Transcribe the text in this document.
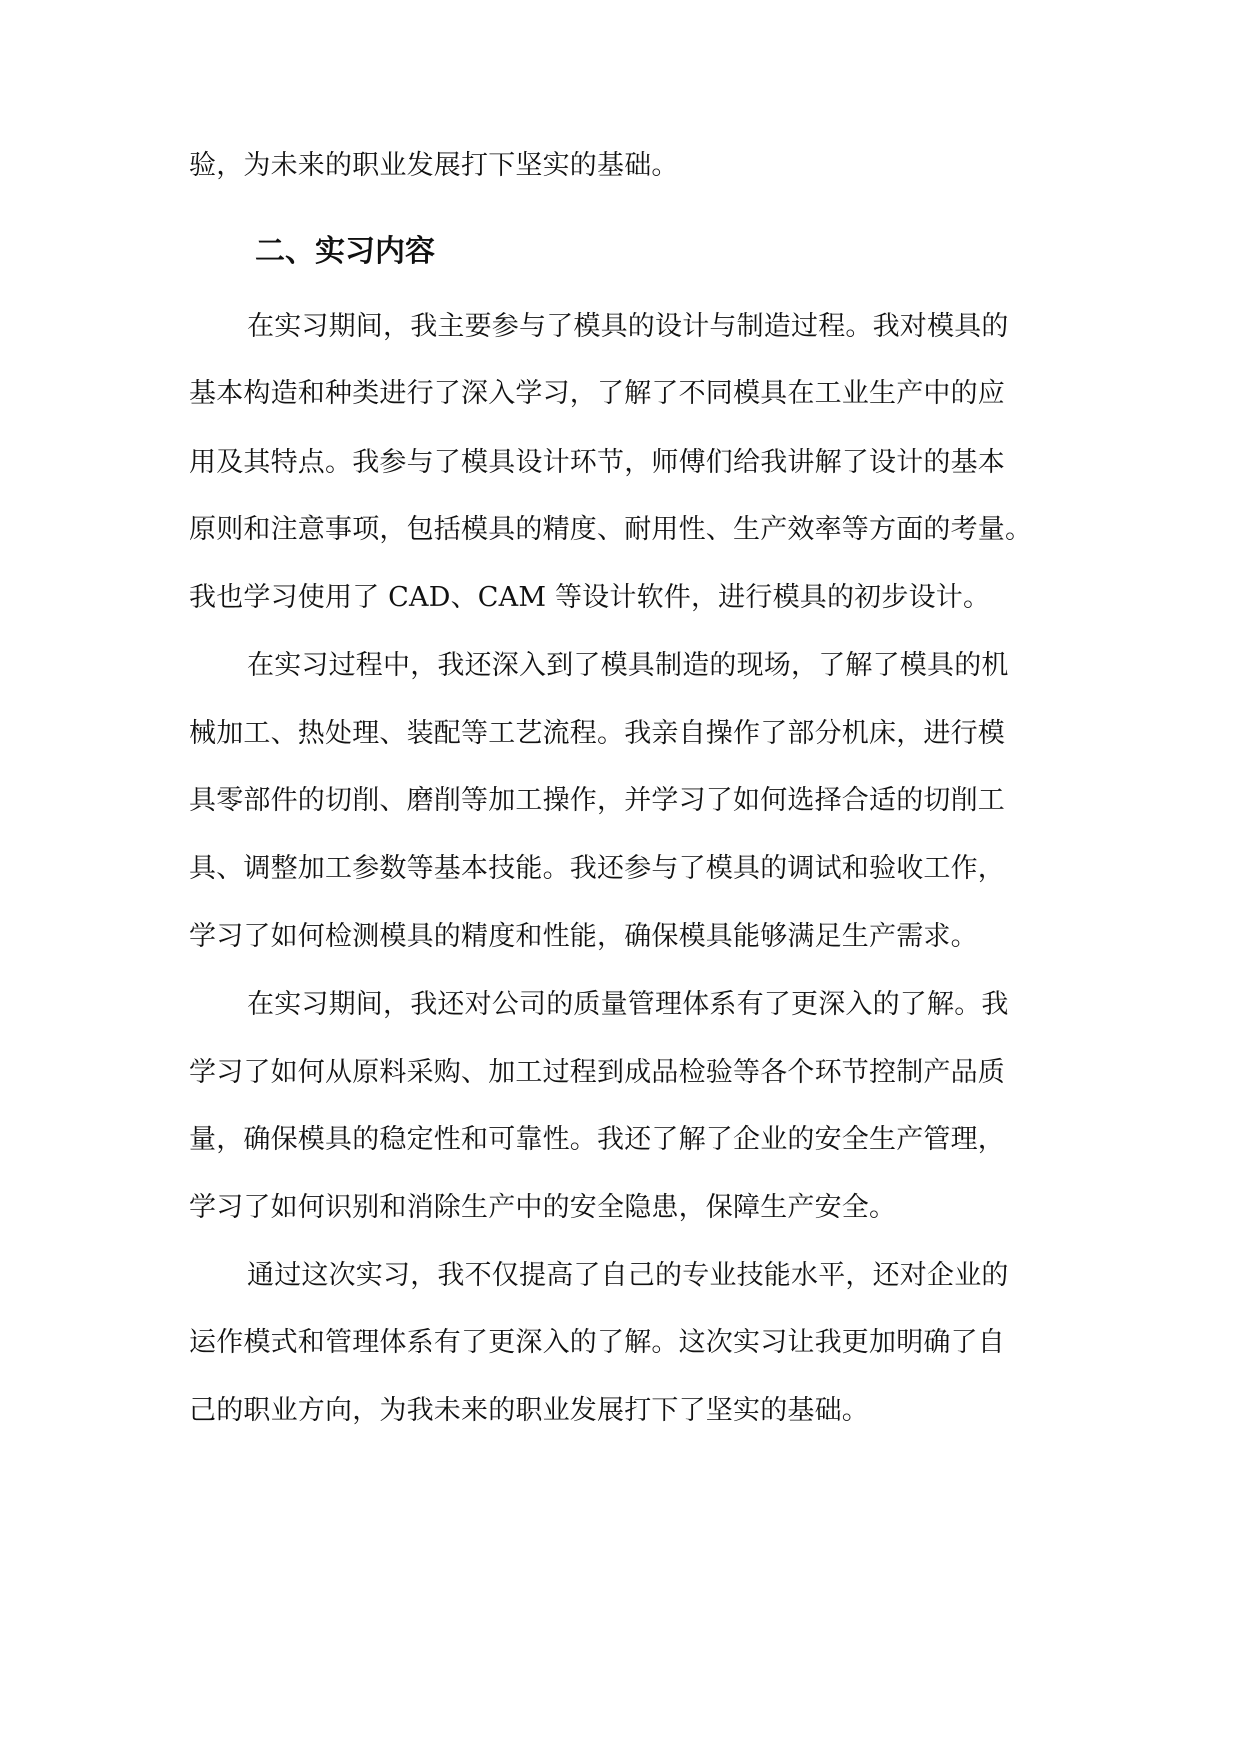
验，为未来的职业发展打下坚实的基础。
二、实习内容
在实习期间，我主要参与了模具的设计与制造过程。我对模具的
基本构造和种类进行了深入学习，了解了不同模具在工业生产中的应
用及其特点。我参与了模具设计环节，师傅们给我讲解了设计的基本
原则和注意事项，包括模具的精度、耐用性、生产效率等方面的考量。
我也学习使用了 CAD、CAM 等设计软件，进行模具的初步设计。
在实习过程中，我还深入到了模具制造的现场，了解了模具的机
械加工、热处理、装配等工艺流程。我亲自操作了部分机床，进行模
具零部件的切削、磨削等加工操作，并学习了如何选择合适的切削工
具、调整加工参数等基本技能。我还参与了模具的调试和验收工作，
学习了如何检测模具的精度和性能，确保模具能够满足生产需求。
在实习期间，我还对公司的质量管理体系有了更深入的了解。我
学习了如何从原料采购、加工过程到成品检验等各个环节控制产品质
量，确保模具的稳定性和可靠性。我还了解了企业的安全生产管理，
学习了如何识别和消除生产中的安全隐患，保障生产安全。
通过这次实习，我不仅提高了自己的专业技能水平，还对企业的
运作模式和管理体系有了更深入的了解。这次实习让我更加明确了自
己的职业方向，为我未来的职业发展打下了坚实的基础。
